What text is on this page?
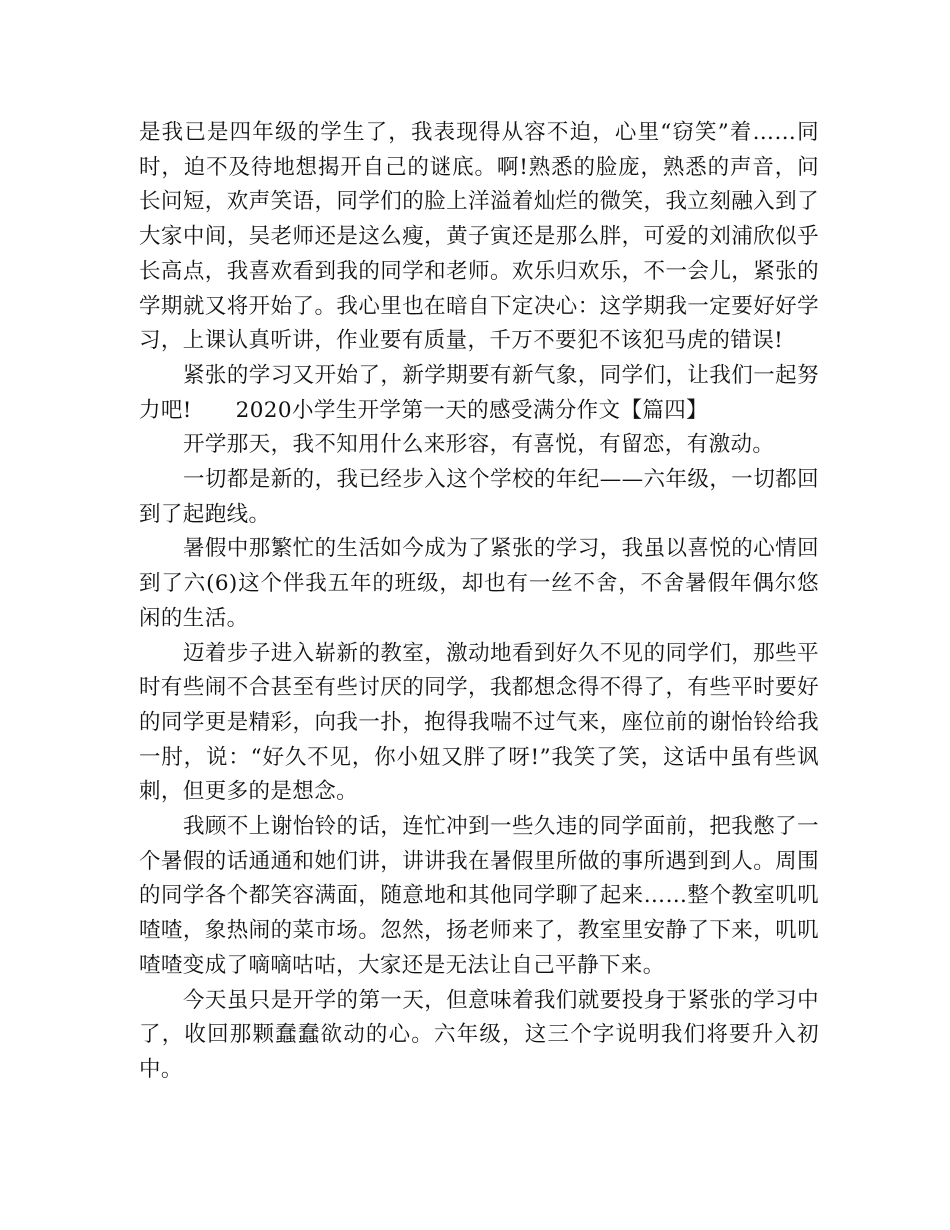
是我已是四年级的学生了，我表现得从容不迫，心里“窃笑”着……同时，迫不及待地想揭开自己的谜底。啊!熟悉的脸庞，熟悉的声音，问长问短，欢声笑语，同学们的脸上洋溢着灿烂的微笑，我立刻融入到了大家中间，吴老师还是这么瘦，黄子寅还是那么胖，可爱的刘浦欣似乎长高点，我喜欢看到我的同学和老师。欢乐归欢乐，不一会儿，紧张的学期就又将开始了。我心里也在暗自下定决心：这学期我一定要好好学习，上课认真听讲，作业要有质量，千万不要犯不该犯马虎的错误!

紧张的学习又开始了，新学期要有新气象，同学们，让我们一起努力吧!　　2020小学生开学第一天的感受满分作文【篇四】

开学那天，我不知用什么来形容，有喜悦，有留恋，有激动。

一切都是新的，我已经步入这个学校的年纪——六年级，一切都回到了起跑线。

暑假中那繁忙的生活如今成为了紧张的学习，我虽以喜悦的心情回到了六(6)这个伴我五年的班级，却也有一丝不舍，不舍暑假年偶尔悠闲的生活。

迈着步子进入崭新的教室，激动地看到好久不见的同学们，那些平时有些闹不合甚至有些讨厌的同学，我都想念得不得了，有些平时要好的同学更是精彩，向我一扑，抱得我喘不过气来，座位前的谢怡铃给我一肘，说：“好久不见，你小妞又胖了呀!”我笑了笑，这话中虽有些讽刺，但更多的是想念。

我顾不上谢怡铃的话，连忙冲到一些久违的同学面前，把我憋了一个暑假的话通通和她们讲，讲讲我在暑假里所做的事所遇到到人。周围的同学各个都笑容满面，随意地和其他同学聊了起来……整个教室叽叽喳喳，象热闹的菜市场。忽然，扬老师来了，教室里安静了下来，叽叽喳喳变成了嘀嘀咕咕，大家还是无法让自己平静下来。

今天虽只是开学的第一天，但意味着我们就要投身于紧张的学习中了，收回那颗蠢蠢欲动的心。六年级，这三个字说明我们将要升入初中。
